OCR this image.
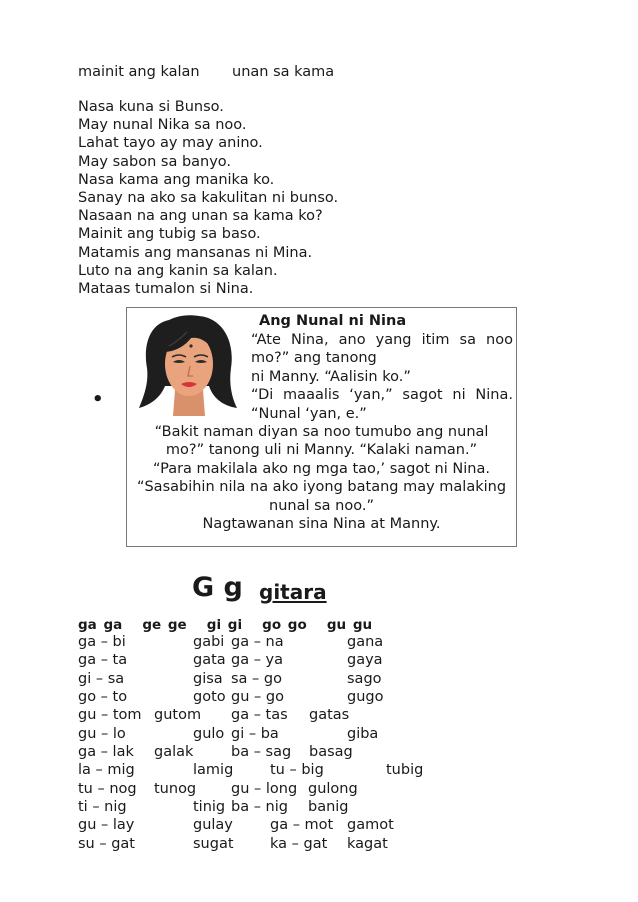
mainit ang kalan unan sa kama
Nasa kuna si Bunso.
May nunal Nika sa noo.
Lahat tayo ay may anino.
May sabon sa banyo.
Nasa kama ang manika ko.
Sanay na ako sa kakulitan ni bunso.
Nasaan na ang unan sa kama ko?
Mainit ang tubig sa baso.
Matamis ang mansanas ni Mina.
Luto na ang kanin sa kalan.
Mataas tumalon si Nina.
•
Ang Nunal ni Nina
“Ate Nina, ano yang itim sa noo
mo?” ang tanong
ni Manny. “Aalisin ko.”
“Di maaalis ‘yan,” sagot ni Nina.
“Nunal ‘yan, e.”
“Bakit naman diyan sa noo tumubo ang nunal
mo?” tanong uli ni Manny. “Kalaki naman.”
“Para makilala ako ng mga tao,’ sagot ni Nina.
“Sasabihin nila na ako iyong batang may malaking
nunal sa noo.”
Nagtawanan sina Nina at Manny.
G g gitara
ga ga   ge ge   gi gi   go go   gu gu
ga – bi	gabi ga – na	gana
ga – ta	gata ga – ya	gaya
gi – sa	gisa sa – go	sago
go – to	goto gu – go	gugo
gu – tom gutom ga – tas gatas
gu – lo	gulo gi – ba	giba
ga – lak galak	ba – sag basag
la – mig	lamig	tu – big	tubig
tu – nog tunog gu – long gulong
ti – nig	tinig ba – nig banig
gu – lay	gulay	ga – mot gamot
su – gat	sugat	ka – gat kagat
